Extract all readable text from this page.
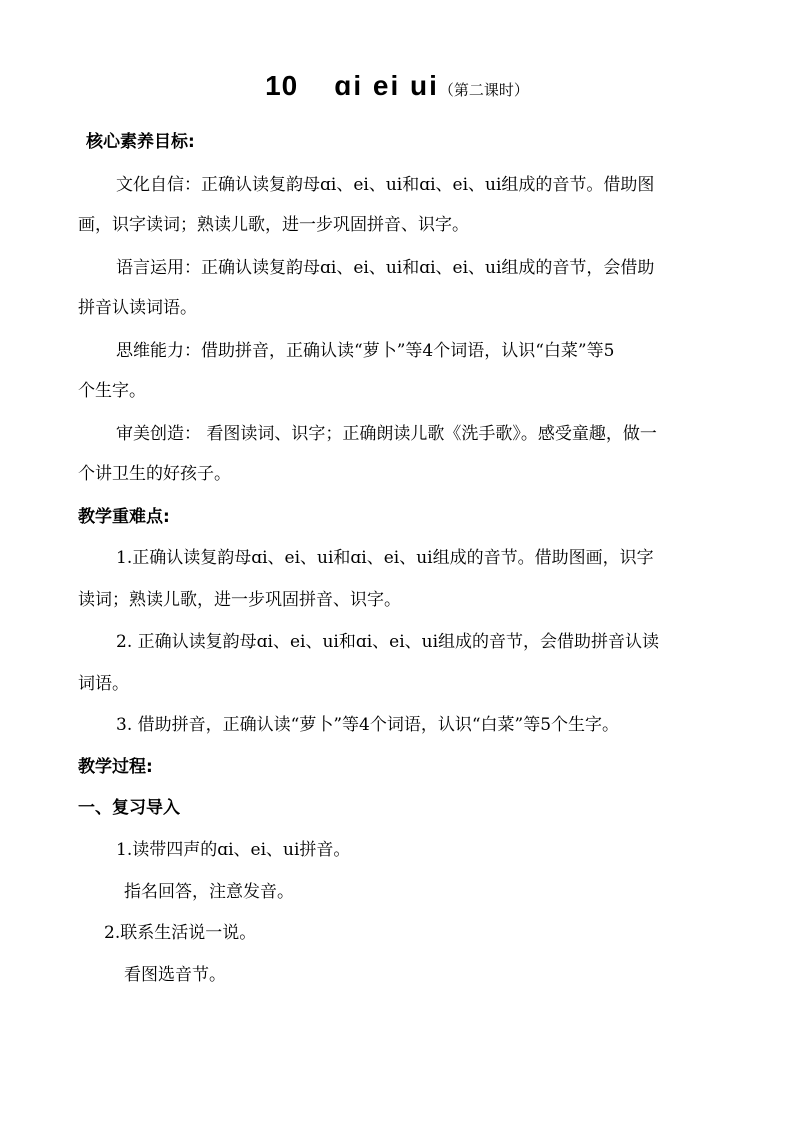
10 ɑi ei ui（第二课时）
核心素养目标:
文化自信：正确认读复韵母ɑi、ei、ui和ɑi、ei、ui组成的音节。借助图
画，识字读词；熟读儿歌，进一步巩固拼音、识字。
语言运用：正确认读复韵母ɑi、ei、ui和ɑi、ei、ui组成的音节，会借助
拼音认读词语。
思维能力：借助拼音，正确认读“萝卜”等4个词语，认识“白菜”等5
个生字。
审美创造： 看图读词、识字；正确朗读儿歌《洗手歌》。感受童趣，做一
个讲卫生的好孩子。
教学重难点:
1.正确认读复韵母ɑi、ei、ui和ɑi、ei、ui组成的音节。借助图画，识字
读词；熟读儿歌，进一步巩固拼音、识字。
2. 正确认读复韵母ɑi、ei、ui和ɑi、ei、ui组成的音节，会借助拼音认读
词语。
3. 借助拼音，正确认读“萝卜”等4个词语，认识“白菜”等5个生字。
教学过程:
一、复习导入
1.读带四声的ɑi、ei、ui拼音。
指名回答，注意发音。
2.联系生活说一说。
看图选音节。
